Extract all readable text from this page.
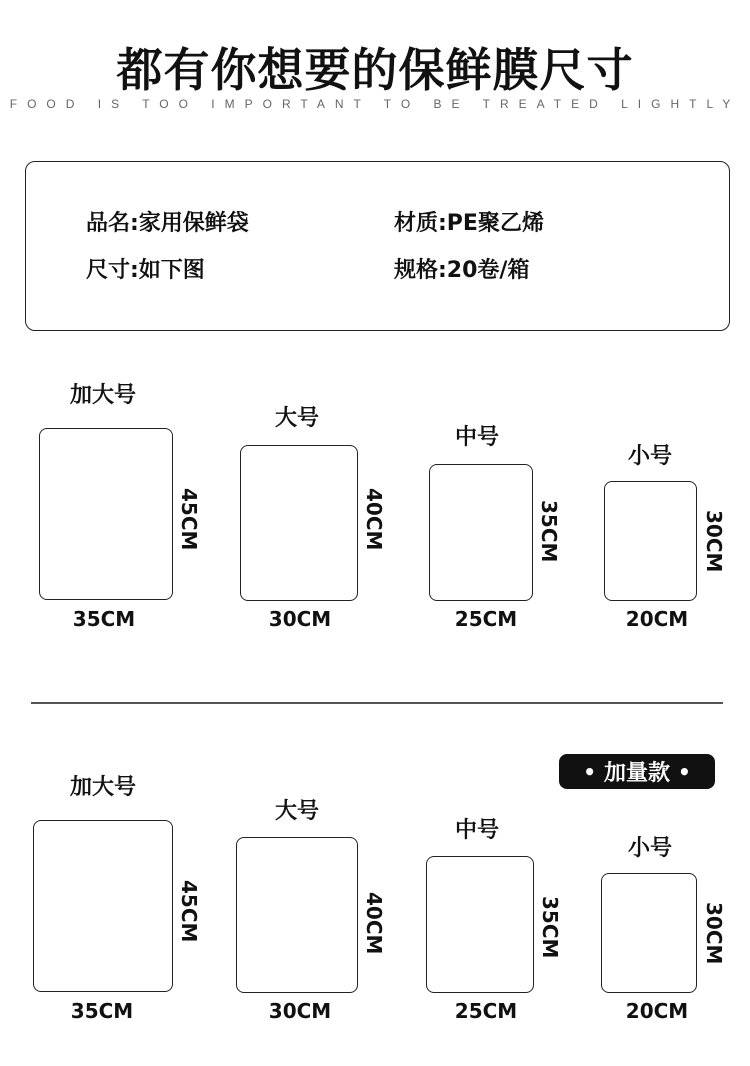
都有你想要的保鲜膜尺寸
FOOD IS TOO IMPORTANT TO BE TREATED LIGHTLY
品名:家用保鲜袋	材质:PE聚乙烯
尺寸:如下图	规格:20卷/箱
加大号
45CM
35CM
大号
40CM
30CM
中号
35CM
25CM
小号
30CM
20CM
• 加量款 •
加大号
45CM
35CM
大号
40CM
30CM
中号
35CM
25CM
小号
30CM
20CM
